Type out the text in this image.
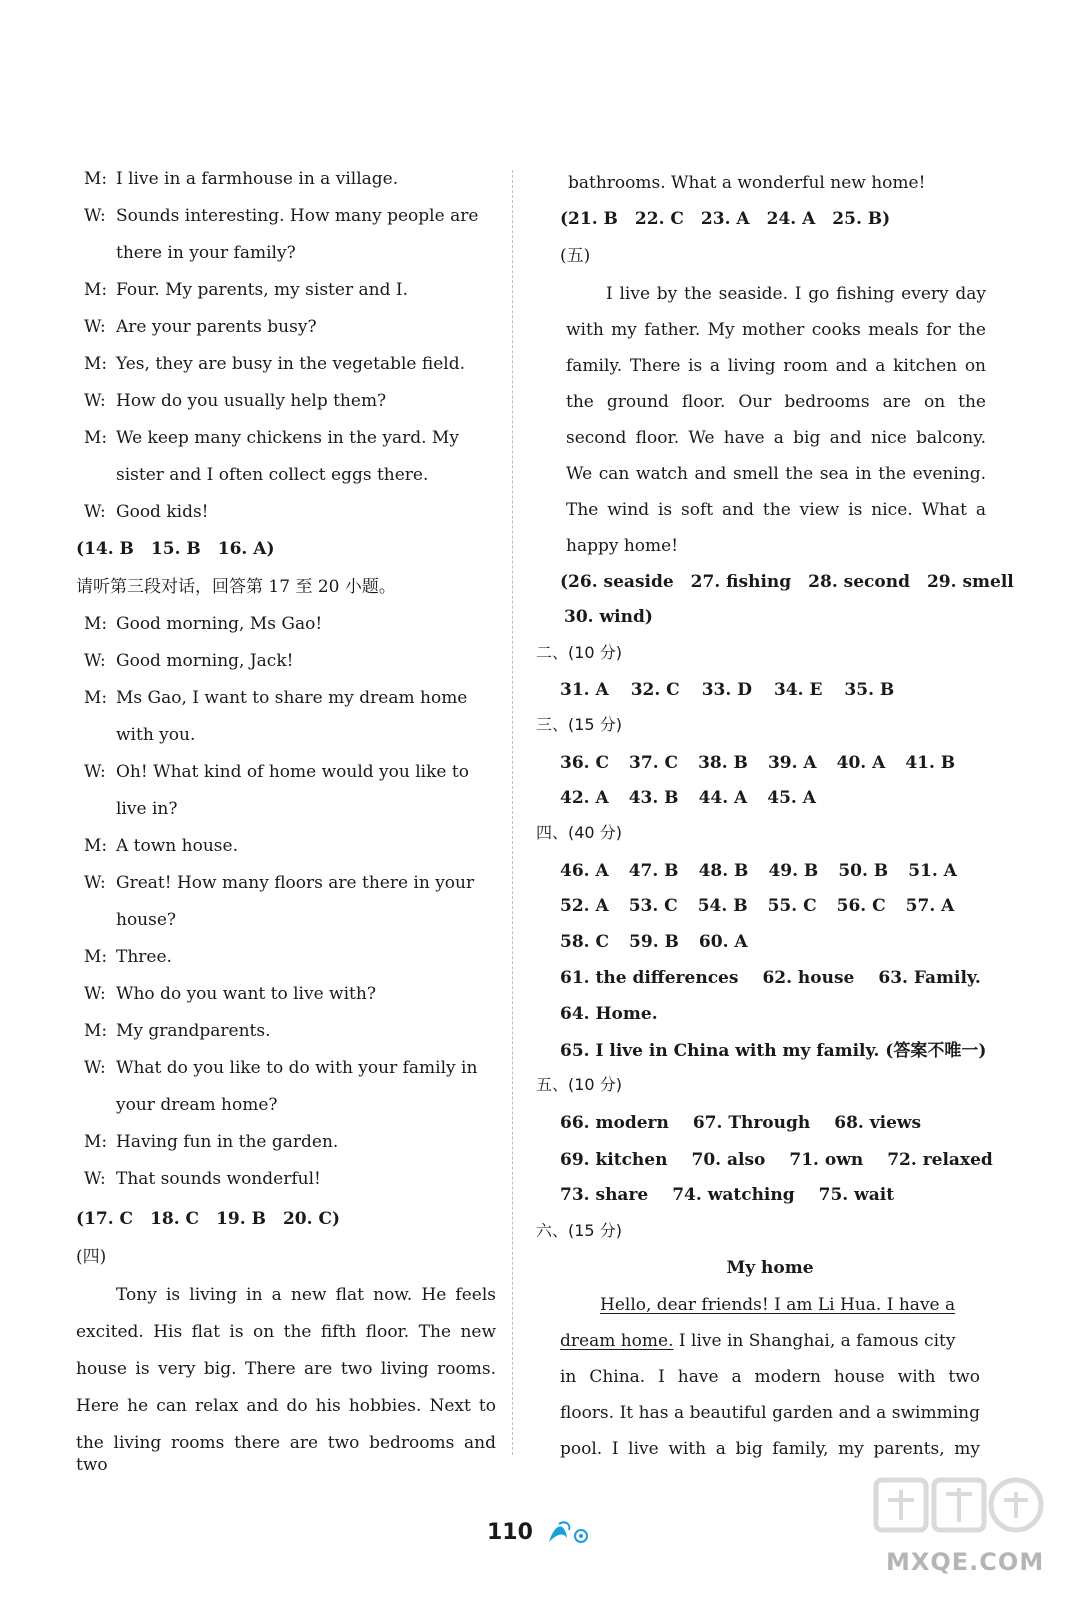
M: I live in a farmhouse in a village.
W: Sounds interesting. How many people are
there in your family?
M: Four. My parents, my sister and I.
W: Are your parents busy?
M: Yes, they are busy in the vegetable field.
W: How do you usually help them?
M: We keep many chickens in the yard. My
sister and I often collect eggs there.
W: Good kids!
(14. B　15. B　16. A)
请听第三段对话，回答第 17 至 20 小题。
M: Good morning, Ms Gao!
W: Good morning, Jack!
M: Ms Gao, I want to share my dream home
with you.
W: Oh! What kind of home would you like to
live in?
M: A town house.
W: Great! How many floors are there in your
house?
M: Three.
W: Who do you want to live with?
M: My grandparents.
W: What do you like to do with your family in
your dream home?
M: Having fun in the garden.
W: That sounds wonderful!
(17. C　18. C　19. B　20. C)
(四)
Tony is living in a new flat now. He feels
excited. His flat is on the fifth floor. The new
house is very big. There are two living rooms.
Here he can relax and do his hobbies. Next to
the living rooms there are two bedrooms and two
bathrooms. What a wonderful new home!
(21. B　22. C　23. A　24. A　25. B)
(五)
I live by the seaside. I go fishing every day
with my father. My mother cooks meals for the
family. There is a living room and a kitchen on
the ground floor. Our bedrooms are on the
second floor. We have a big and nice balcony.
We can watch and smell the sea in the evening.
The wind is soft and the view is nice. What a
happy home!
(26. seaside　27. fishing　28. second　29. smell
30. wind)
二、(10 分)
31. A 32. C 33. D 34. E 35. B
三、(15 分)
36. C 37. C 38. B 39. A 40. A 41. B
42. A 43. B 44. A 45. A
四、(40 分)
46. A 47. B 48. B 49. B 50. B 51. A
52. A 53. C 54. B 55. C 56. C 57. A
58. C 59. B 60. A
61. the differences 62. house 63. Family.
64. Home.
65. I live in China with my family. (答案不唯一)
五、(10 分)
66. modern 67. Through 68. views
69. kitchen 70. also 71. own 72. relaxed
73. share 74. watching 75. wait
六、(15 分)
My home
Hello, dear friends! I am Li Hua. I have a
dream home. I live in Shanghai, a famous city
in China. I have a modern house with two
floors. It has a beautiful garden and a swimming
pool. I live with a big family, my parents, my
110
MXQE.COM
